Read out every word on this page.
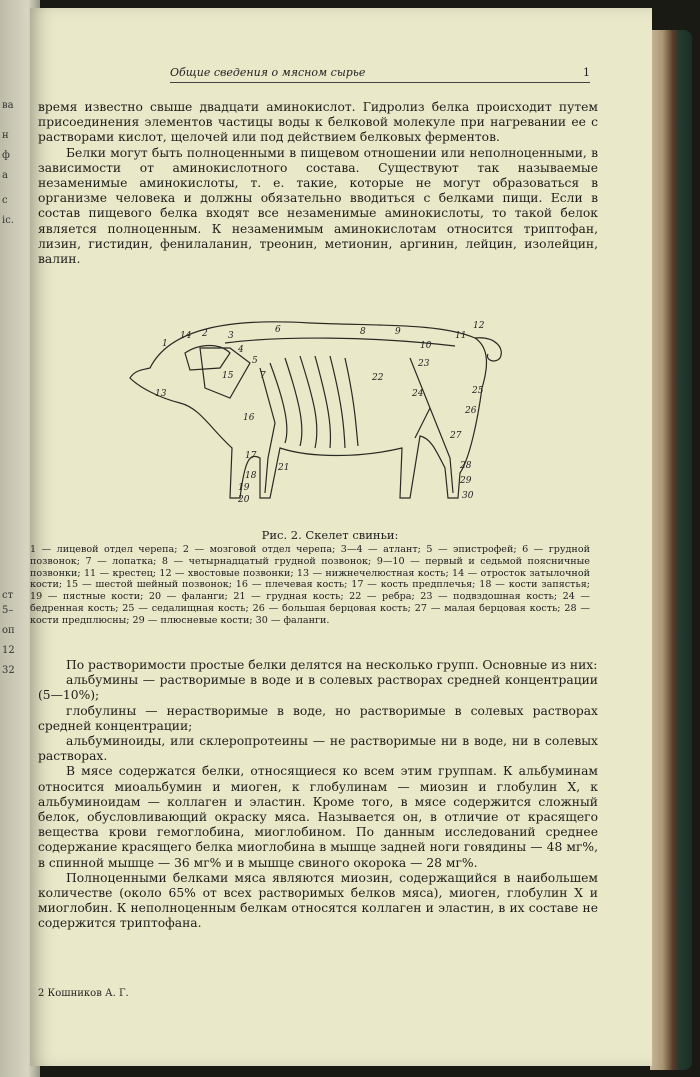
ва
н
ф
а
с
ic.
ст
5–
оп
12
32
Общие сведения о мясном сырье	1

время известно свыше двадцати аминокислот. Гидролиз белка происходит путем присоединения элементов частицы воды к белковой молекуле при нагревании ее с растворами кислот, щелочей или под действием белковых ферментов.

Белки могут быть полноценными в пищевом отношении или неполноценными, в зависимости от аминокислотного состава. Существуют так называемые незаменимые аминокислоты, т. е. такие, которые не могут образоваться в организме человека и должны обязательно вводиться с белками пищи. Если в состав пищевого белка входят все незаменимые аминокислоты, то такой белок является полноценным. К незаменимым аминокислотам относится триптофан, лизин, гистидин, фенилаланин, треонин, метионин, аргинин, лейцин, изолейцин, валин.

1
2 3
4
5
6
7
8	9
10
11
12
13
14
15
16
17
18
19
20
21
22
23
24	25
26
27
28
29
30
Рис. 2. Скелет свиньи:
1 — лицевой отдел черепа; 2 — мозговой отдел черепа; 3—4 — атлант; 5 — эпистрофей; 6 — грудной позвонок; 7 — лопатка; 8 — четырнадцатый грудной позвонок; 9—10 — первый и седьмой поясничные позвонки; 11 — крестец; 12 — хвостовые позвонки; 13 — нижнечелюстная кость; 14 — отросток затылочной кости; 15 — шестой шейный позвонок; 16 — плечевая кость; 17 — кость предплечья; 18 — кости запястья; 19 — пястные кости; 20 — фаланги; 21 — грудная кость; 22 — ребра; 23 — подвздошная кость; 24 — бедренная кость; 25 — седалищная кость; 26 — большая берцовая кость; 27 — малая берцовая кость; 28 — кости предплюсны; 29 — плюсневые кости; 30 — фаланги.

По растворимости простые белки делятся на несколько групп. Основные из них:

альбумины — растворимые в воде и в солевых растворах средней концентрации (5—10%);

глобулины — нерастворимые в воде, но растворимые в солевых растворах средней концентрации;

альбуминоиды, или склеропротеины — не растворимые ни в воде, ни в солевых растворах.

В мясе содержатся белки, относящиеся ко всем этим группам. К альбуминам относится миоальбумин и миоген, к глобулинам — миозин и глобулин X, к альбуминоидам — коллаген и эластин. Кроме того, в мясе содержится сложный белок, обусловливающий окраску мяса. Называется он, в отличие от красящего вещества крови гемоглобина, миоглобином. По данным исследований среднее содержание красящего белка миоглобина в мышце задней ноги говядины — 48 мг%, в спинной мышце — 36 мг% и в мышце свиного окорока — 28 мг%.

Полноценными белками мяса являются миозин, содержащийся в наибольшем количестве (около 65% от всех растворимых белков мяса), миоген, глобулин X и миоглобин. К неполноценным белкам относятся коллаген и эластин, в их составе не содержится триптофана.

2 Кошников А. Г.
